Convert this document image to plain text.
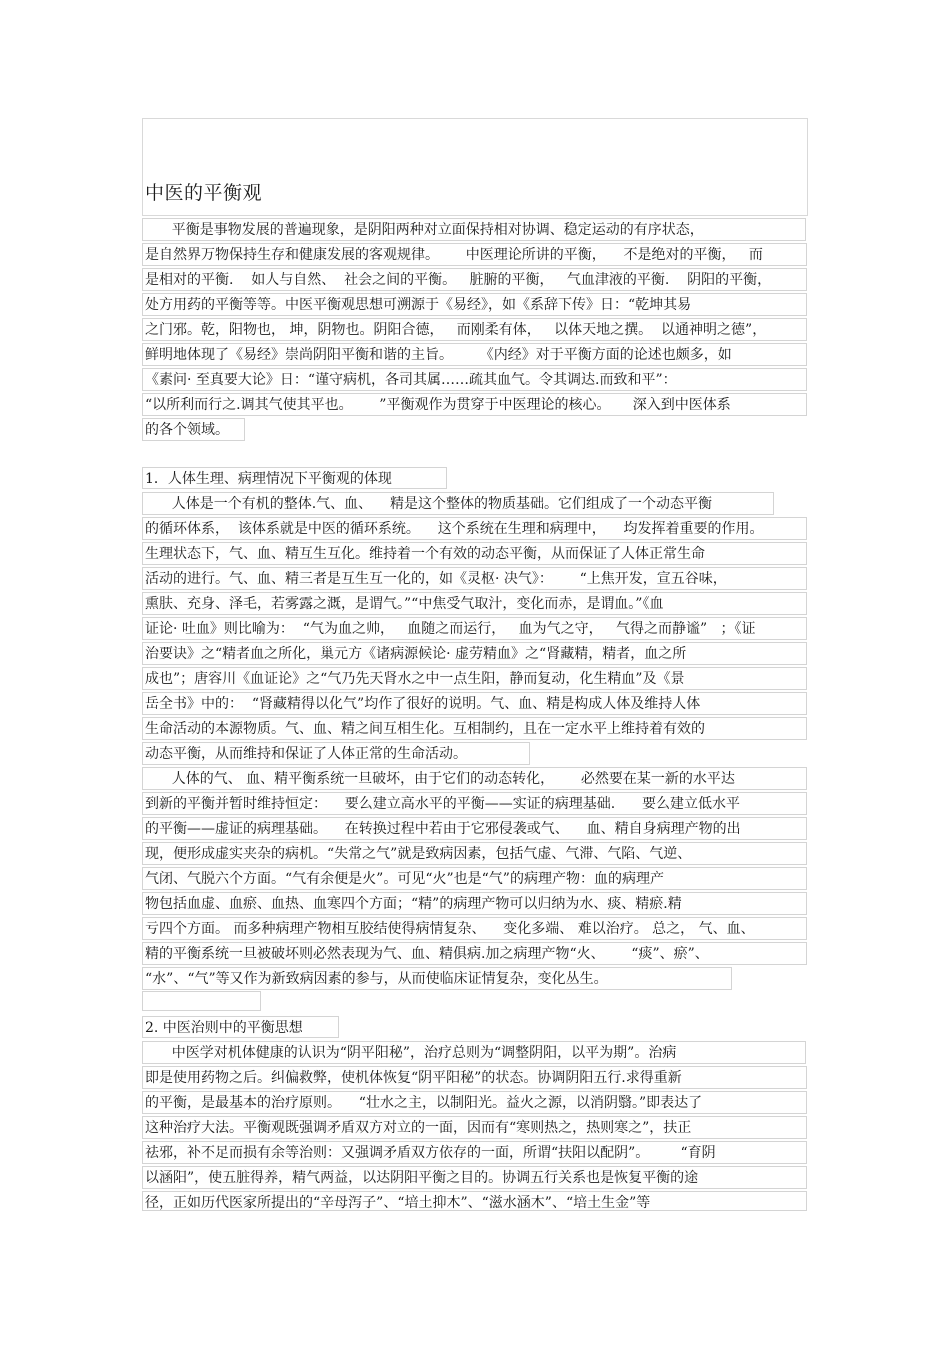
中医的平衡观
平衡是事物发展的普遍现象，是阴阳两种对立面保持相对协调、稳定运动的有序状态，
是自然界万物保持生存和健康发展的客观规律。      中医理论所讲的平衡，    不是绝对的平衡，   而
是相对的平衡.    如人与自然、  社会之间的平衡。   脏腑的平衡，   气血津液的平衡.    阴阳的平衡，
处方用药的平衡等等。中医平衡观思想可溯源于《易经》，如《系辞下传》日：“乾坤其易
之门邪。乾，阳物也， 坤，阴物也。阴阳合德，   而刚柔有体，   以体天地之撰。  以通神明之德”，
鲜明地体现了《易经》崇尚阴阳平衡和谐的主旨。      《内经》对于平衡方面的论述也颇多，如
《素问· 至真要大论》日：“谨守病机，各司其属……疏其血气。令其调达.而致和平”：
“以所利而行之.调其气使其平也。      ”平衡观作为贯穿于中医理论的核心。     深入到中医体系
的各个领域。
1．人体生理、病理情况下平衡观的体现
人体是一个有机的整体.气、血、    精是这个整体的物质基础。它们组成了一个动态平衡
的循环体系，  该体系就是中医的循环系统。    这个系统在生理和病理中，    均发挥着重要的作用。
生理状态下，气、血、精互生互化。维持着一个有效的动态平衡，从而保证了人体正常生命
活动的进行。气、血、精三者是互生互一化的，如《灵枢· 决气》：      “上焦开发，宣五谷味，
熏肤、充身、泽毛，若雾露之溉，是谓气。”“中焦受气取汁，变化而赤，是谓血。”《血
证论· 吐血》则比喻为：  “气为血之帅，   血随之而运行，   血为气之守，   气得之而静谧”   ；《证
治要诀》之“精者血之所化，巢元方《诸病源候论· 虚劳精血》之“肾藏精，精者，血之所
成也”；唐容川《血证论》之“气乃先天肾水之中一点生阳，静而复动，化生精血”及《景
岳全书》中的：  “肾藏精得以化气”均作了很好的说明。气、血、精是构成人体及维持人体
生命活动的本源物质。气、血、精之间互相生化。互相制约，且在一定水平上维持着有效的
动态平衡，从而维持和保证了人体正常的生命活动。
人体的气、 血、精平衡系统一旦破坏，由于它们的动态转化，      必然要在某一新的水平达
到新的平衡并暂时维持恒定：    要么建立高水平的平衡——实证的病理基础.      要么建立低水平
的平衡——虚证的病理基础。    在转换过程中若由于它邪侵袭或气、    血、精自身病理产物的出
现，便形成虚实夹杂的病机。“失常之气”就是致病因素，包括气虚、气滞、气陷、气逆、
气闭、气脱六个方面。“气有余便是火”。可见“火”也是“气”的病理产物：血的病理产
物包括血虚、血瘀、血热、血寒四个方面；“精”的病理产物可以归纳为水、痰、精瘀.精
亏四个方面。 而多种病理产物相互胶结使得病情复杂、    变化多端、 难以治疗。 总之， 气、血、
精的平衡系统一旦被破坏则必然表现为气、血、精俱病.加之病理产物“火、      “痰”、瘀”、
“水”、“气”等又作为新致病因素的参与，从而使临床证情复杂，变化丛生。
2. 中医治则中的平衡思想
中医学对机体健康的认识为“阴平阳秘”，治疗总则为“调整阴阳，以平为期”。治病
即是使用药物之后。纠偏救弊，使机体恢复“阴平阳秘”的状态。协调阴阳五行.求得重新
的平衡，是最基本的治疗原则。    “壮水之主，以制阳光。益火之源，以消阴翳。”即表达了
这种治疗大法。平衡观既强调矛盾双方对立的一面，因而有“寒则热之，热则寒之”，扶正
祛邪，补不足而损有余等治则：又强调矛盾双方依存的一面，所谓“扶阳以配阴”。       “育阴
以涵阳”，使五脏得养，精气两益，以达阴阳平衡之目的。协调五行关系也是恢复平衡的途
径，正如历代医家所提出的“辛母泻子”、“培土抑木”、“滋水涵木”、“培土生金”等
